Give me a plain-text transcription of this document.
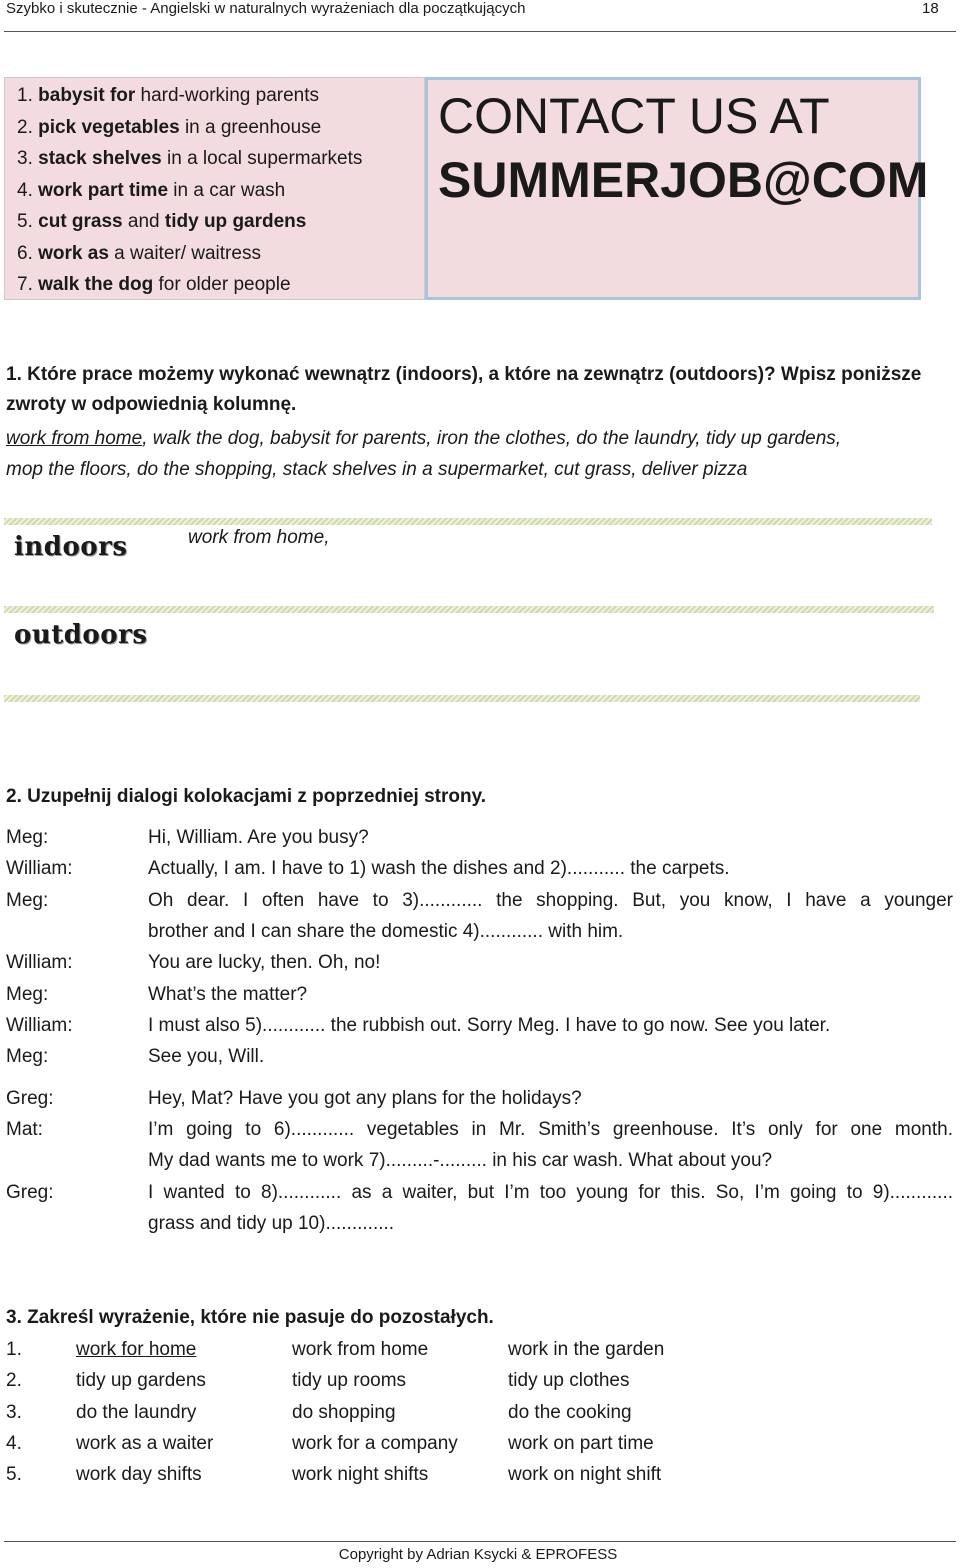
Szybko i skutecznie - Angielski w naturalnych wyrażeniach dla początkujących	18
1. babysit for hard-working parents
2. pick vegetables in a greenhouse
3. stack shelves in a local supermarkets
4. work part time in a car wash
5. cut grass and tidy up gardens
6. work as a waiter/ waitress
7. walk the dog for older people
CONTACT US AT
SUMMERJOB@COM
1. Które prace możemy wykonać wewnątrz (indoors), a które na zewnątrz (outdoors)? Wpisz poniższe
zwroty w odpowiednią kolumnę.
work from home, walk the dog, babysit for parents, iron the clothes, do the laundry, tidy up gardens,
mop the floors, do the shopping, stack shelves in a supermarket, cut grass, deliver pizza
indoors	work from home,
outdoors
2. Uzupełnij dialogi kolokacjami z poprzedniej strony.
Meg:	Hi, William. Are you busy?
William:	Actually, I am. I have to 1) wash the dishes and 2)........... the carpets.
Meg:	Oh dear. I often have to 3)............ the shopping. But, you know, I have a younger
brother and I can share the domestic 4)............ with him.
William:	You are lucky, then. Oh, no!
Meg:	What’s the matter?
William:	I must also 5)............ the rubbish out. Sorry Meg. I have to go now. See you later.
Meg:	See you, Will.
Greg:	Hey, Mat? Have you got any plans for the holidays?
Mat:	I’m going to 6)............ vegetables in Mr. Smith’s greenhouse. It’s only for one month.
My dad wants me to work 7).........-......... in his car wash. What about you?
Greg:	I wanted to 8)............ as a waiter, but I’m too young for this. So, I’m going to 9)............
grass and tidy up 10).............
3. Zakreśl wyrażenie, które nie pasuje do pozostałych.
1.	work for home	work from home	work in the garden
2.	tidy up gardens	tidy up rooms	tidy up clothes
3.	do the laundry	do shopping	do the cooking
4.	work as a waiter	work for a company	work on part time
5.	work day shifts	work night shifts	work on night shift
Copyright by Adrian Ksycki & EPROFESS
